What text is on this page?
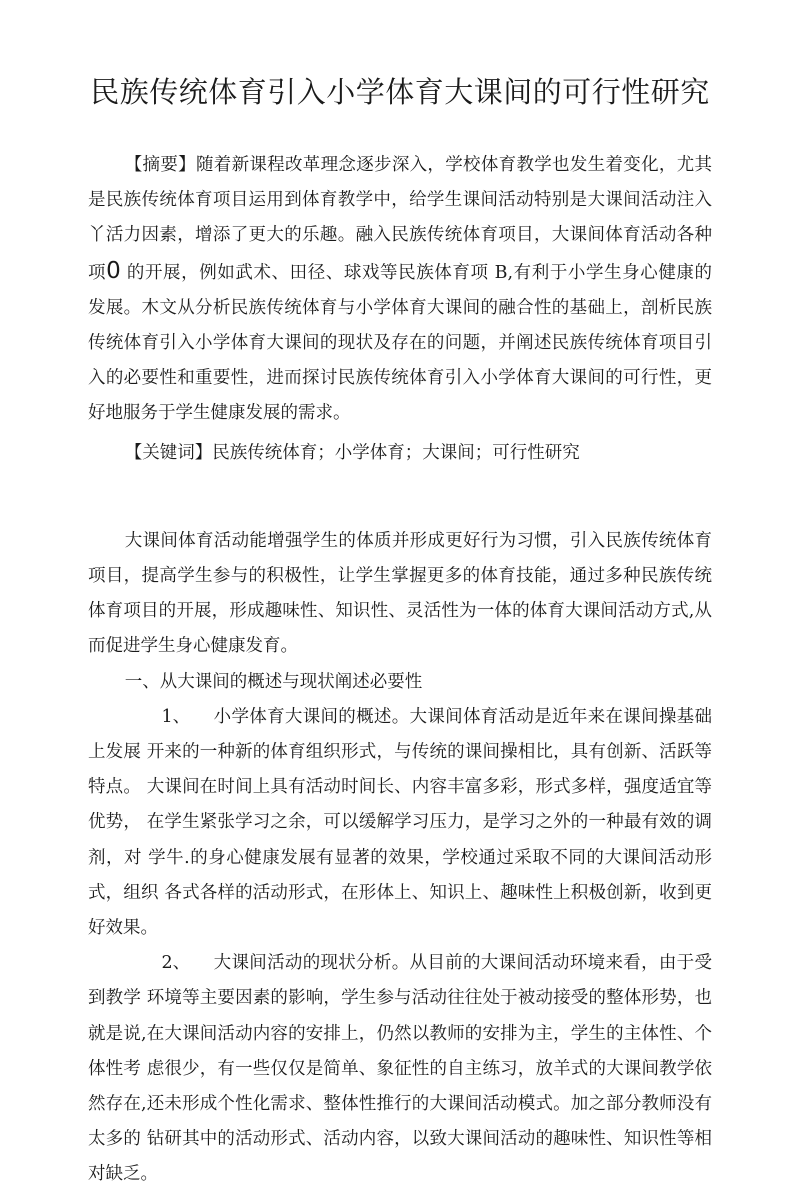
民族传统体育引入小学体育大课间的可行性研究

【摘要】随着新课程改革理念逐步深入，学校体育教学也发生着变化，尤其 是民族传统体育项目运用到体育教学中，给学生课间活动特别是大课间活动注入 丫活力因素，增添了更大的乐趣。融入民族传统体育项目，大课间体育活动各种 项0 的开展，例如武术、田径、球戏等民族体育项 B,有利于小学生身心健康的 发展。木文从分析民族传统体育与小学体育大课间的融合性的基础上，剖析民族 传统体育引入小学体育大课间的现状及存在的问题，并阐述民族传统体育项目引 入的必要性和重要性，进而探讨民族传统体育引入小学体育大课间的可行性，更 好地服务于学生健康发展的需求。

【关键词】民族传统体育；小学体育；大课间；可行性研究

大课间体育活动能增强学生的体质并形成更好行为习惯，引入民族传统体育 项目，提高学生参与的积极性，让学生掌握更多的体育技能，通过多种民族传统 体育项目的开展，形成趣味性、知识性、灵活性为一体的体育大课间活动方式,从而促进学生身心健康发育。

一、从大课间的概述与现状阐述必要性

1、 小学体育大课间的概述。大课间体育活动是近年来在课间操基础上发展 开来的一种新的体育组织形式，与传统的课间操相比，具有创新、活跃等特点。 大课间在时间上具有活动时间长、内容丰富多彩，形式多样，强度适宜等优势， 在学生紧张学习之余，可以缓解学习压力，是学习之外的一种最有效的调剂，对 学牛.的身心健康发展有显著的效果，学校通过采取不同的大课间活动形式，组织 各式各样的活动形式，在形体上、知识上、趣味性上积极创新，收到更好效果。

2、 大课间活动的现状分析。从目前的大课间活动环境来看，由于受到教学 环境等主要因素的影响，学生参与活动往往处于被动接受的整体形势，也就是说,在大课间活动内容的安排上，仍然以教师的安排为主，学生的主体性、个体性考 虑很少，有一些仅仅是简单、象征性的自主练习，放羊式的大课间教学依然存在,还未形成个性化需求、整体性推行的大课间活动模式。加之部分教师没有太多的 钻研其中的活动形式、活动内容，以致大课间活动的趣味性、知识性等相对缺乏。
